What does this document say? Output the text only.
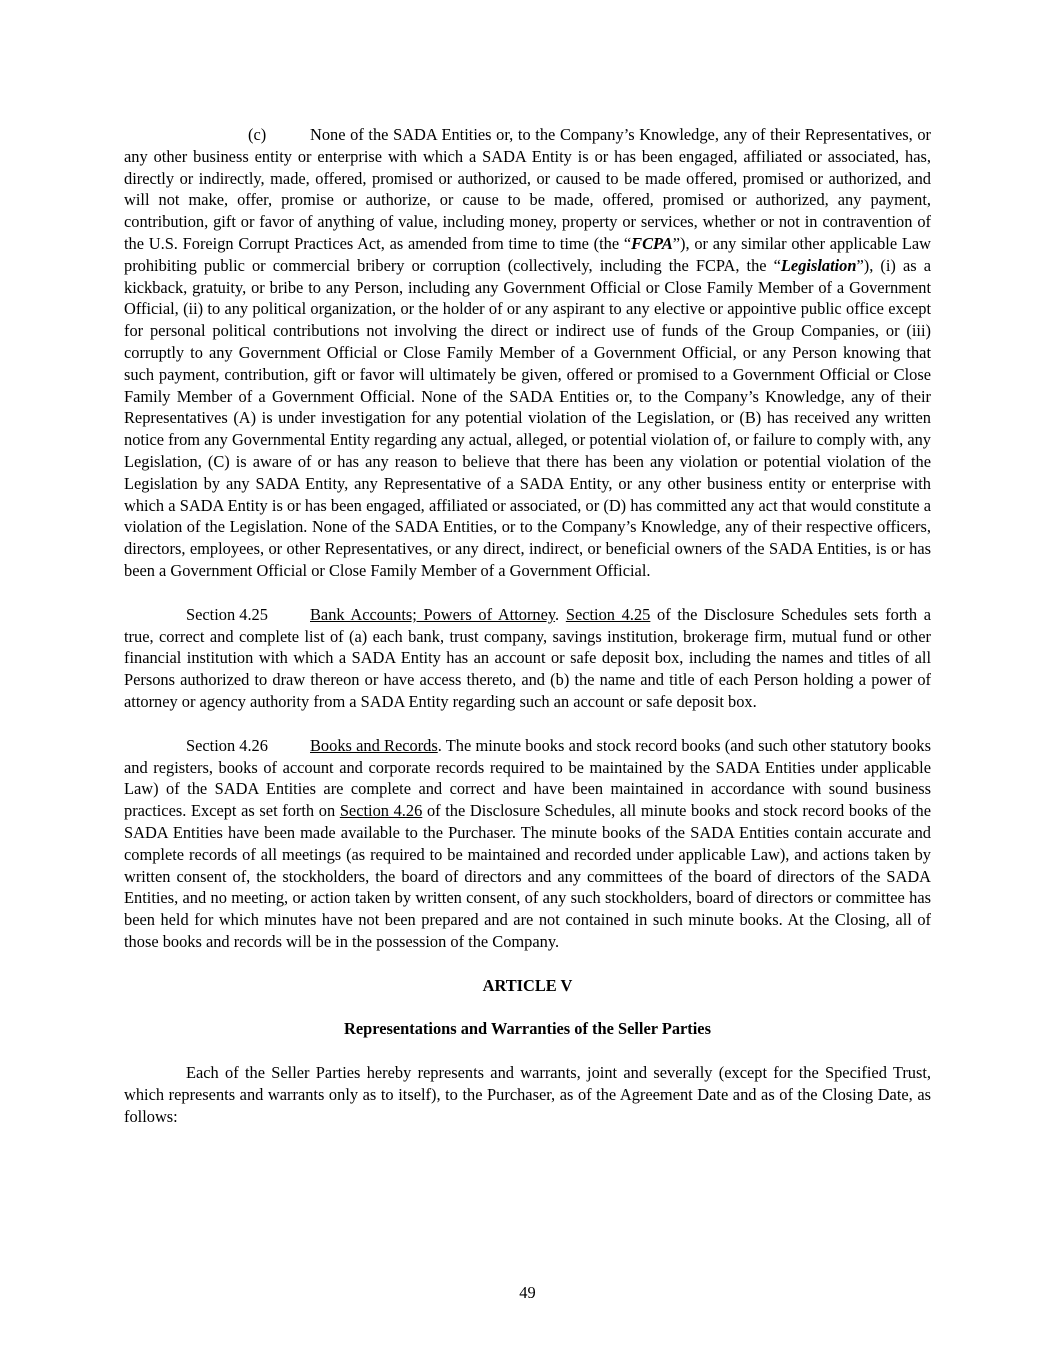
(c)	None of the SADA Entities or, to the Company’s Knowledge, any of their Representatives, or any other business entity or enterprise with which a SADA Entity is or has been engaged, affiliated or associated, has, directly or indirectly, made, offered, promised or authorized, or caused to be made offered, promised or authorized, and will not make, offer, promise or authorize, or cause to be made, offered, promised or authorized, any payment, contribution, gift or favor of anything of value, including money, property or services, whether or not in contravention of the U.S. Foreign Corrupt Practices Act, as amended from time to time (the “FCPA”), or any similar other applicable Law prohibiting public or commercial bribery or corruption (collectively, including the FCPA, the “Legislation”), (i) as a kickback, gratuity, or bribe to any Person, including any Government Official or Close Family Member of a Government Official, (ii) to any political organization, or the holder of or any aspirant to any elective or appointive public office except for personal political contributions not involving the direct or indirect use of funds of the Group Companies, or (iii) corruptly to any Government Official or Close Family Member of a Government Official, or any Person knowing that such payment, contribution, gift or favor will ultimately be given, offered or promised to a Government Official or Close Family Member of a Government Official. None of the SADA Entities or, to the Company’s Knowledge, any of their Representatives (A) is under investigation for any potential violation of the Legislation, or (B) has received any written notice from any Governmental Entity regarding any actual, alleged, or potential violation of, or failure to comply with, any Legislation, (C) is aware of or has any reason to believe that there has been any violation or potential violation of the Legislation by any SADA Entity, any Representative of a SADA Entity, or any other business entity or enterprise with which a SADA Entity is or has been engaged, affiliated or associated, or (D) has committed any act that would constitute a violation of the Legislation. None of the SADA Entities, or to the Company’s Knowledge, any of their respective officers, directors, employees, or other Representatives, or any direct, indirect, or beneficial owners of the SADA Entities, is or has been a Government Official or Close Family Member of a Government Official.

Section 4.25	Bank Accounts; Powers of Attorney. Section 4.25 of the Disclosure Schedules sets forth a true, correct and complete list of (a) each bank, trust company, savings institution, brokerage firm, mutual fund or other financial institution with which a SADA Entity has an account or safe deposit box, including the names and titles of all Persons authorized to draw thereon or have access thereto, and (b) the name and title of each Person holding a power of attorney or agency authority from a SADA Entity regarding such an account or safe deposit box.

Section 4.26	Books and Records. The minute books and stock record books (and such other statutory books and registers, books of account and corporate records required to be maintained by the SADA Entities under applicable Law) of the SADA Entities are complete and correct and have been maintained in accordance with sound business practices. Except as set forth on Section 4.26 of the Disclosure Schedules, all minute books and stock record books of the SADA Entities have been made available to the Purchaser. The minute books of the SADA Entities contain accurate and complete records of all meetings (as required to be maintained and recorded under applicable Law), and actions taken by written consent of, the stockholders, the board of directors and any committees of the board of directors of the SADA Entities, and no meeting, or action taken by written consent, of any such stockholders, board of directors or committee has been held for which minutes have not been prepared and are not contained in such minute books. At the Closing, all of those books and records will be in the possession of the Company.

ARTICLE V

Representations and Warranties of the Seller Parties

Each of the Seller Parties hereby represents and warrants, joint and severally (except for the Specified Trust, which represents and warrants only as to itself), to the Purchaser, as of the Agreement Date and as of the Closing Date, as follows:

49
